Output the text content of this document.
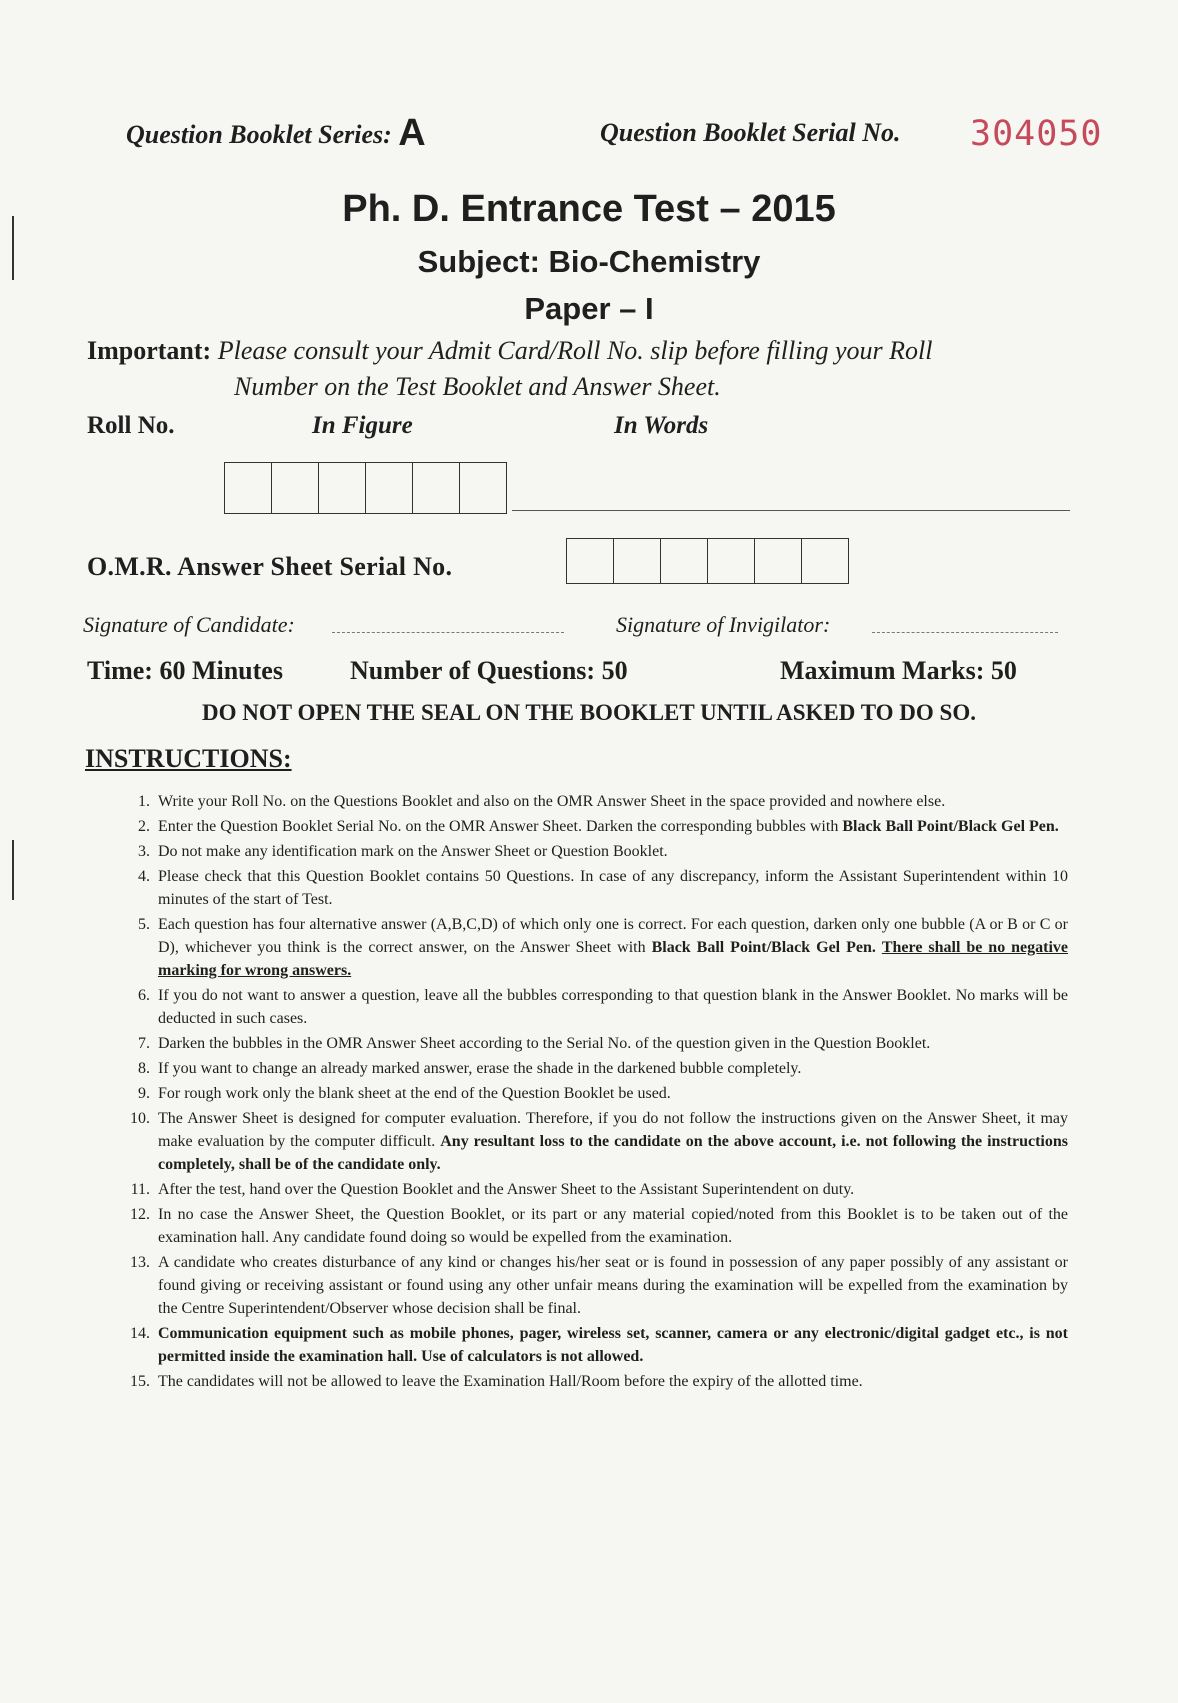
Question Booklet Series: A	Question Booklet Serial No. 304050
Ph. D. Entrance Test – 2015
Subject: Bio-Chemistry
Paper – I
Important: Please consult your Admit Card/Roll No. slip before filling your Roll
Number on the Test Booklet and Answer Sheet.
Roll No.	In Figure	In Words
O.M.R. Answer Sheet Serial No.
Signature of Candidate:	Signature of Invigilator:
Time: 60 Minutes	Number of Questions: 50	Maximum Marks: 50
DO NOT OPEN THE SEAL ON THE BOOKLET UNTIL ASKED TO DO SO.
INSTRUCTIONS:
1. Write your Roll No. on the Questions Booklet and also on the OMR Answer Sheet in the space provided and nowhere else.
2. Enter the Question Booklet Serial No. on the OMR Answer Sheet. Darken the corresponding bubbles with Black Ball Point/Black Gel Pen.
3. Do not make any identification mark on the Answer Sheet or Question Booklet.
4. Please check that this Question Booklet contains 50 Questions. In case of any discrepancy, inform the Assistant Superintendent within 10 minutes of the start of Test.
5. Each question has four alternative answer (A,B,C,D) of which only one is correct. For each question, darken only one bubble (A or B or C or D), whichever you think is the correct answer, on the Answer Sheet with Black Ball Point/Black Gel Pen. There shall be no negative marking for wrong answers.
6. If you do not want to answer a question, leave all the bubbles corresponding to that question blank in the Answer Booklet. No marks will be deducted in such cases.
7. Darken the bubbles in the OMR Answer Sheet according to the Serial No. of the question given in the Question Booklet.
8. If you want to change an already marked answer, erase the shade in the darkened bubble completely.
9. For rough work only the blank sheet at the end of the Question Booklet be used.
10. The Answer Sheet is designed for computer evaluation. Therefore, if you do not follow the instructions given on the Answer Sheet, it may make evaluation by the computer difficult. Any resultant loss to the candidate on the above account, i.e. not following the instructions completely, shall be of the candidate only.
11. After the test, hand over the Question Booklet and the Answer Sheet to the Assistant Superintendent on duty.
12. In no case the Answer Sheet, the Question Booklet, or its part or any material copied/noted from this Booklet is to be taken out of the examination hall. Any candidate found doing so would be expelled from the examination.
13. A candidate who creates disturbance of any kind or changes his/her seat or is found in possession of any paper possibly of any assistant or found giving or receiving assistant or found using any other unfair means during the examination will be expelled from the examination by the Centre Superintendent/Observer whose decision shall be final.
14. Communication equipment such as mobile phones, pager, wireless set, scanner, camera or any electronic/digital gadget etc., is not permitted inside the examination hall. Use of calculators is not allowed.
15. The candidates will not be allowed to leave the Examination Hall/Room before the expiry of the allotted time.
